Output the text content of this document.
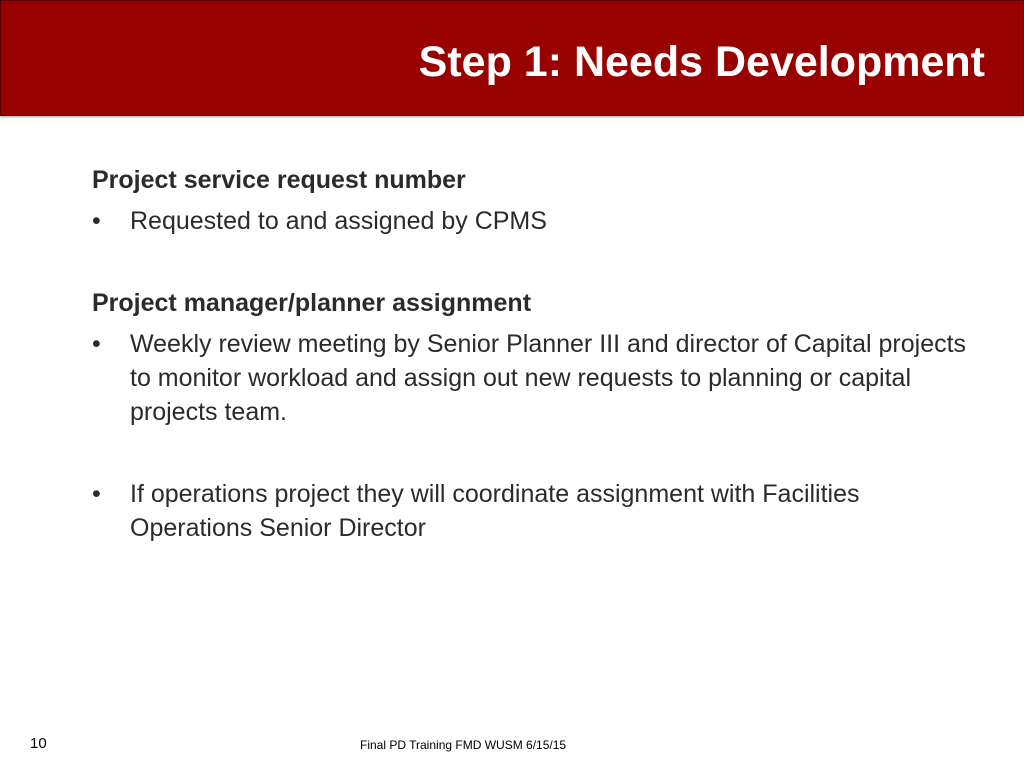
Step 1: Needs Development
Project service request number
•	Requested to and assigned by CPMS
Project manager/planner assignment
•	Weekly review meeting by Senior Planner III and director of Capital projects to monitor workload and assign out new requests to planning or capital projects team.
•	If operations project they will coordinate assignment with Facilities Operations Senior Director
10	Final PD Training FMD WUSM 6/15/15
